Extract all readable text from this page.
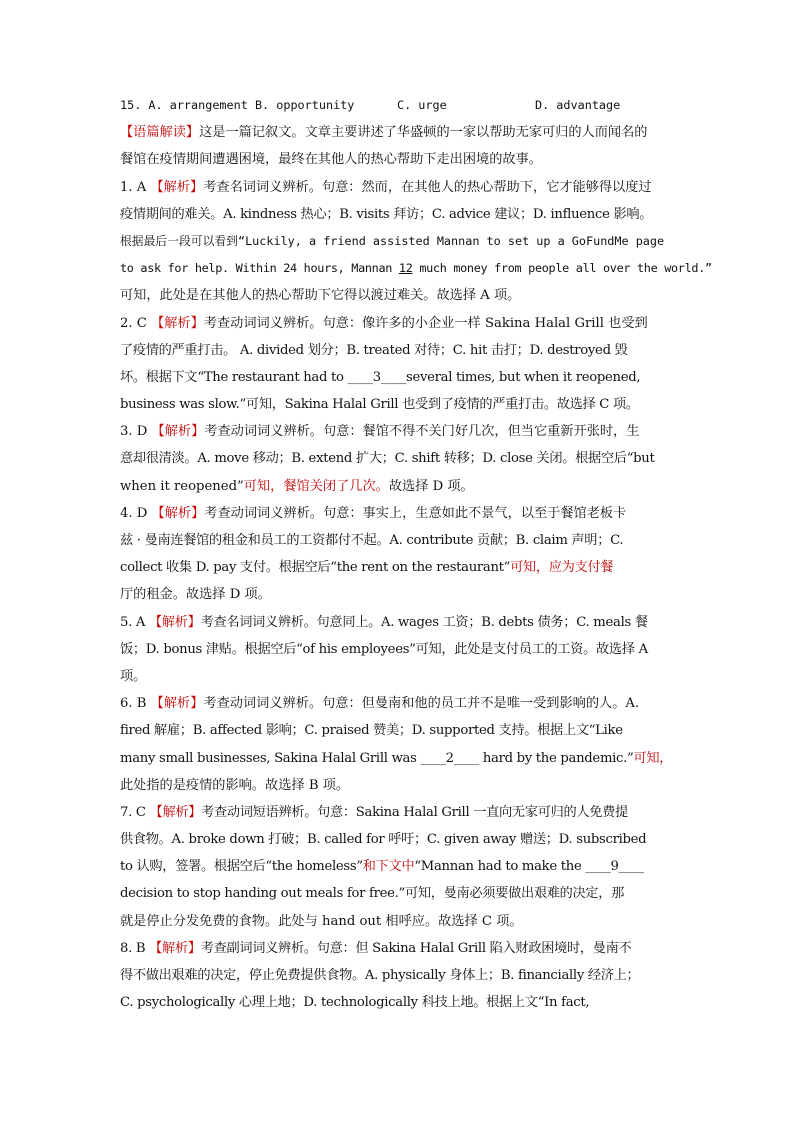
15. A. arrangement B. opportunity	C. urge	D. advantage
【语篇解读】这是一篇记叙文。文章主要讲述了华盛顿的一家以帮助无家可归的人而闻名的
餐馆在疫情期间遭遇困境，最终在其他人的热心帮助下走出困境的故事。
1. A 【解析】考查名词词义辨析。句意：然而，在其他人的热心帮助下，它才能够得以度过
疫情期间的难关。A. kindness 热心；B. visits 拜访；C. advice 建议；D. influence 影响。
根据最后一段可以看到“Luckily, a friend assisted Mannan to set up a GoFundMe page
to ask for help. Within 24 hours, Mannan 12 much money from people all over the world.”
可知，此处是在其他人的热心帮助下它得以渡过难关。故选择 A 项。
2. C 【解析】考查动词词义辨析。句意：像许多的小企业一样 Sakina Halal Grill 也受到
了疫情的严重打击。 A. divided 划分；B. treated 对待；C. hit 击打；D. destroyed 毁
坏。根据下文“The restaurant had to ____3____several times, but when it reopened,
business was slow.”可知，Sakina Halal Grill 也受到了疫情的严重打击。故选择 C 项。
3. D 【解析】考查动词词义辨析。句意：餐馆不得不关门好几次，但当它重新开张时，生
意却很清淡。A. move 移动；B. extend 扩大；C. shift 转移；D. close 关闭。根据空后“but
when it reopened”可知，餐馆关闭了几次。故选择 D 项。
4. D 【解析】考查动词词义辨析。句意：事实上，生意如此不景气，以至于餐馆老板卡
兹 · 曼南连餐馆的租金和员工的工资都付不起。A. contribute 贡献；B. claim 声明；C.
collect 收集 D. pay 支付。根据空后“the rent on the restaurant”可知，应为支付餐
厅的租金。故选择 D 项。
5. A 【解析】考查名词词义辨析。句意同上。A. wages 工资；B. debts 债务；C. meals 餐
饭；D. bonus 津贴。根据空后“of his employees”可知，此处是支付员工的工资。故选择 A
项。
6. B 【解析】考查动词词义辨析。句意：但曼南和他的员工并不是唯一受到影响的人。A.
fired 解雇；B. affected 影响；C. praised 赞美；D. supported 支持。根据上文“Like
many small businesses, Sakina Halal Grill was ____2____ hard by the pandemic.”可知，
此处指的是疫情的影响。故选择 B 项。
7. C 【解析】考查动词短语辨析。句意：Sakina Halal Grill 一直向无家可归的人免费提
供食物。A. broke down 打破；B. called for 呼吁；C. given away 赠送；D. subscribed
to 认购，签署。根据空后“the homeless”和下文中“Mannan had to make the ____9____
decision to stop handing out meals for free.”可知，曼南必须要做出艰难的决定，那
就是停止分发免费的食物。此处与 hand out 相呼应。故选择 C 项。
8. B 【解析】考查副词词义辨析。句意：但 Sakina Halal Grill 陷入财政困境时，曼南不
得不做出艰难的决定，停止免费提供食物。A. physically 身体上；B. financially 经济上；
C. psychologically 心理上地；D. technologically 科技上地。根据上文“In fact,
